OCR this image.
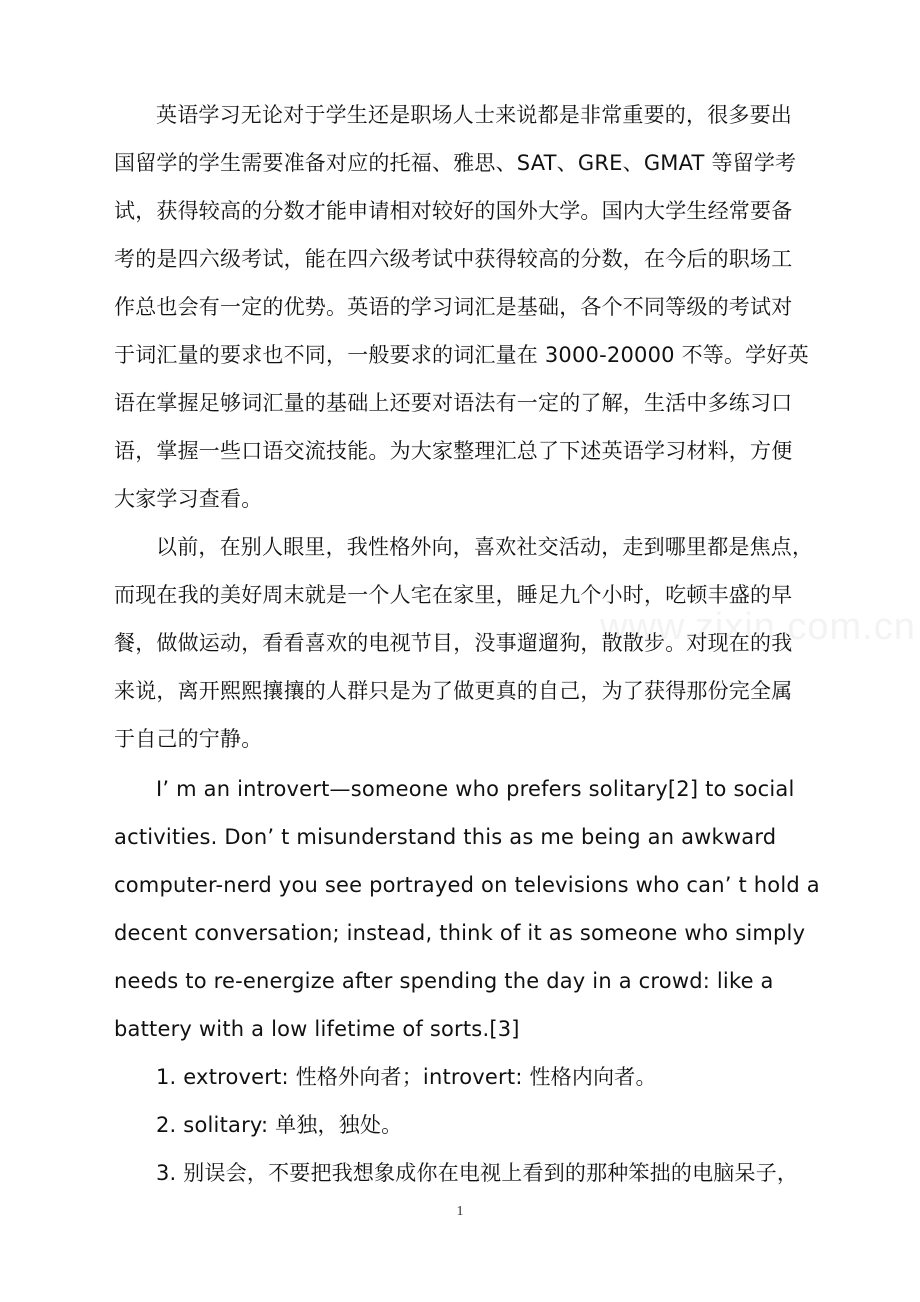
www.zixin.com.cn
英语学习无论对于学生还是职场人士来说都是非常重要的，很多要出
国留学的学生需要准备对应的托福、雅思、SAT、GRE、GMAT 等留学考
试，获得较高的分数才能申请相对较好的国外大学。国内大学生经常要备
考的是四六级考试，能在四六级考试中获得较高的分数，在今后的职场工
作总也会有一定的优势。英语的学习词汇是基础，各个不同等级的考试对
于词汇量的要求也不同，一般要求的词汇量在 3000-20000 不等。学好英
语在掌握足够词汇量的基础上还要对语法有一定的了解，生活中多练习口
语，掌握一些口语交流技能。为大家整理汇总了下述英语学习材料，方便
大家学习查看。
以前，在别人眼里，我性格外向，喜欢社交活动，走到哪里都是焦点，
而现在我的美好周末就是一个人宅在家里，睡足九个小时，吃顿丰盛的早
餐，做做运动，看看喜欢的电视节目，没事遛遛狗，散散步。对现在的我
来说，离开熙熙攘攘的人群只是为了做更真的自己，为了获得那份完全属
于自己的宁静。
I’ m an introvert—someone who prefers solitary[2] to social
activities. Don’ t misunderstand this as me being an awkward
computer-nerd you see portrayed on televisions who can’ t hold a
decent conversation; instead, think of it as someone who simply
needs to re-energize after spending the day in a crowd: like a
battery with a low lifetime of sorts.[3]
1. extrovert: 性格外向者；introvert: 性格内向者。
2. solitary: 单独，独处。
3. 别误会，不要把我想象成你在电视上看到的那种笨拙的电脑呆子，
1
